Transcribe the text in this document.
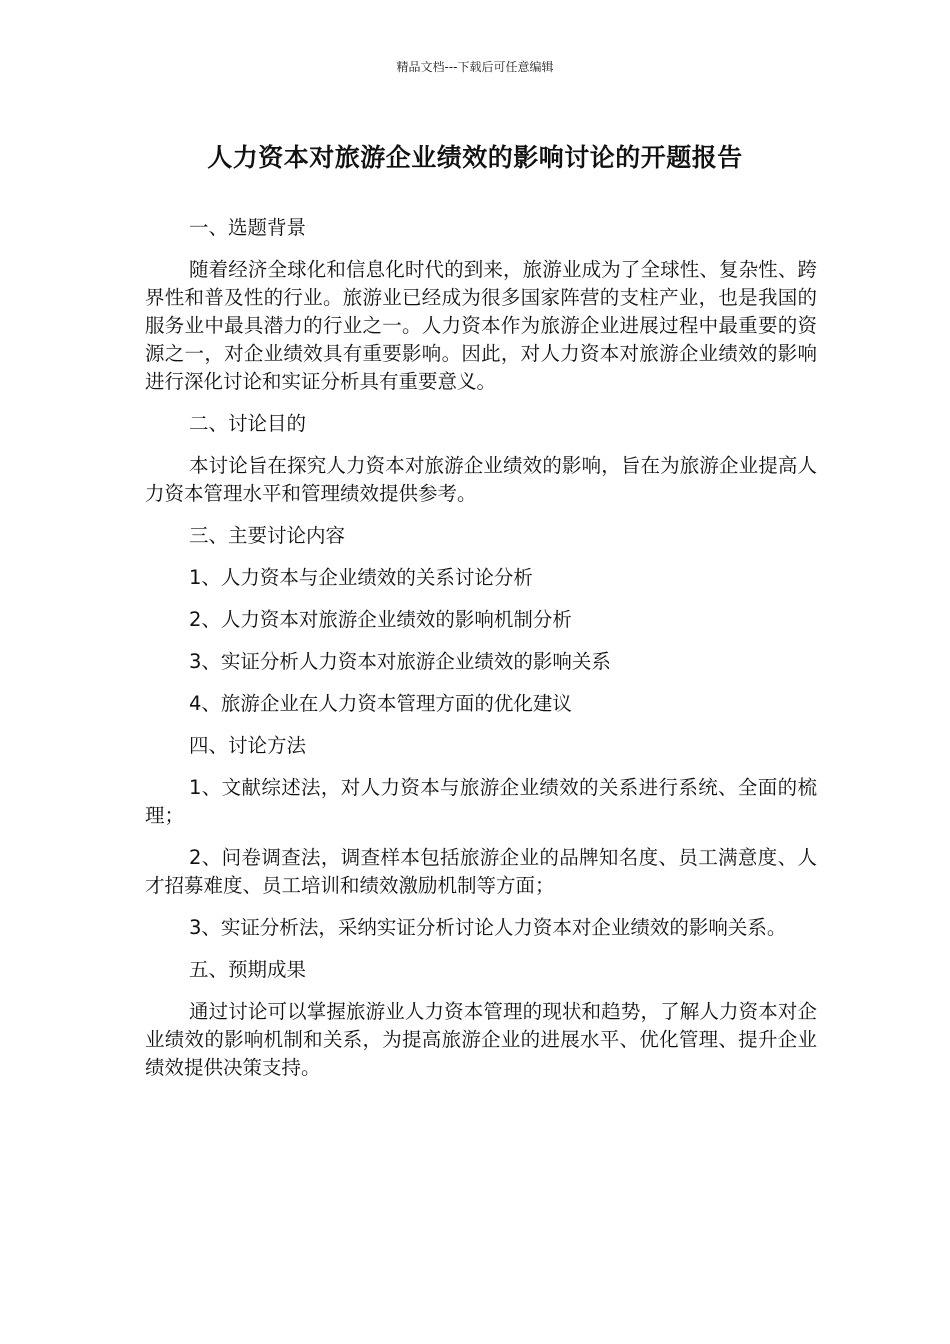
精品文档---下载后可任意编辑
人力资本对旅游企业绩效的影响讨论的开题报告

一、选题背景

随着经济全球化和信息化时代的到来，旅游业成为了全球性、复杂性、跨界性和普及性的行业。旅游业已经成为很多国家阵营的支柱产业，也是我国的服务业中最具潜力的行业之一。人力资本作为旅游企业进展过程中最重要的资源之一，对企业绩效具有重要影响。因此，对人力资本对旅游企业绩效的影响进行深化讨论和实证分析具有重要意义。

二、讨论目的

本讨论旨在探究人力资本对旅游企业绩效的影响，旨在为旅游企业提高人力资本管理水平和管理绩效提供参考。

三、主要讨论内容

1、人力资本与企业绩效的关系讨论分析

2、人力资本对旅游企业绩效的影响机制分析

3、实证分析人力资本对旅游企业绩效的影响关系

4、旅游企业在人力资本管理方面的优化建议

四、讨论方法

1、文献综述法，对人力资本与旅游企业绩效的关系进行系统、全面的梳理；

2、问卷调查法，调查样本包括旅游企业的品牌知名度、员工满意度、人才招募难度、员工培训和绩效激励机制等方面；

3、实证分析法，采纳实证分析讨论人力资本对企业绩效的影响关系。

五、预期成果

通过讨论可以掌握旅游业人力资本管理的现状和趋势，了解人力资本对企业绩效的影响机制和关系，为提高旅游企业的进展水平、优化管理、提升企业绩效提供决策支持。
